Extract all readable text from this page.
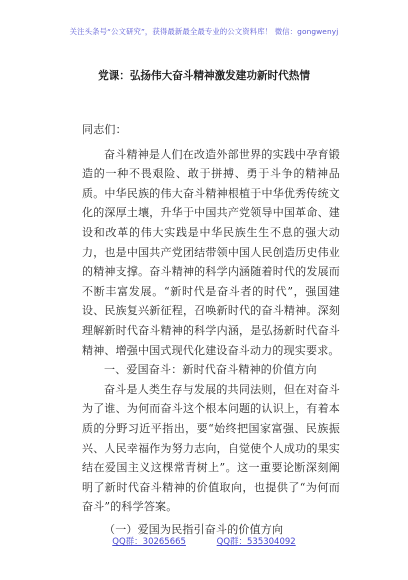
关注头条号“公文研究”，获得最新最全最专业的公文资料库！ 微信：gongwenyj
党课：弘扬伟大奋斗精神激发建功新时代热情

同志们：

奋斗精神是人们在改造外部世界的实践中孕育锻造的一种不畏艰险、敢于拼搏、勇于斗争的精神品质。中华民族的伟大奋斗精神根植于中华优秀传统文化的深厚土壤，升华于中国共产党领导中国革命、建设和改革的伟大实践是中华民族生生不息的强大动力，也是中国共产党团结带领中国人民创造历史伟业的精神支撑。奋斗精神的科学内涵随着时代的发展而不断丰富发展。“新时代是奋斗者的时代”，强国建设、民族复兴新征程，召唤新时代的奋斗精神。深刻理解新时代奋斗精神的科学内涵，是弘扬新时代奋斗精神、增强中国式现代化建设奋斗动力的现实要求。

一、爱国奋斗：新时代奋斗精神的价值方向

奋斗是人类生存与发展的共同法则，但在对奋斗为了谁、为何而奋斗这个根本问题的认识上，有着本质的分野习近平指出，要“始终把国家富强、民族振兴、人民幸福作为努力志向，自觉使个人成功的果实结在爱国主义这棵常青树上”。这一重要论断深刻阐明了新时代奋斗精神的价值取向，也提供了“为何而奋斗”的科学答案。

（一）爱国为民指引奋斗的价值方向

QQ群：30265665	QQ群：535304092
